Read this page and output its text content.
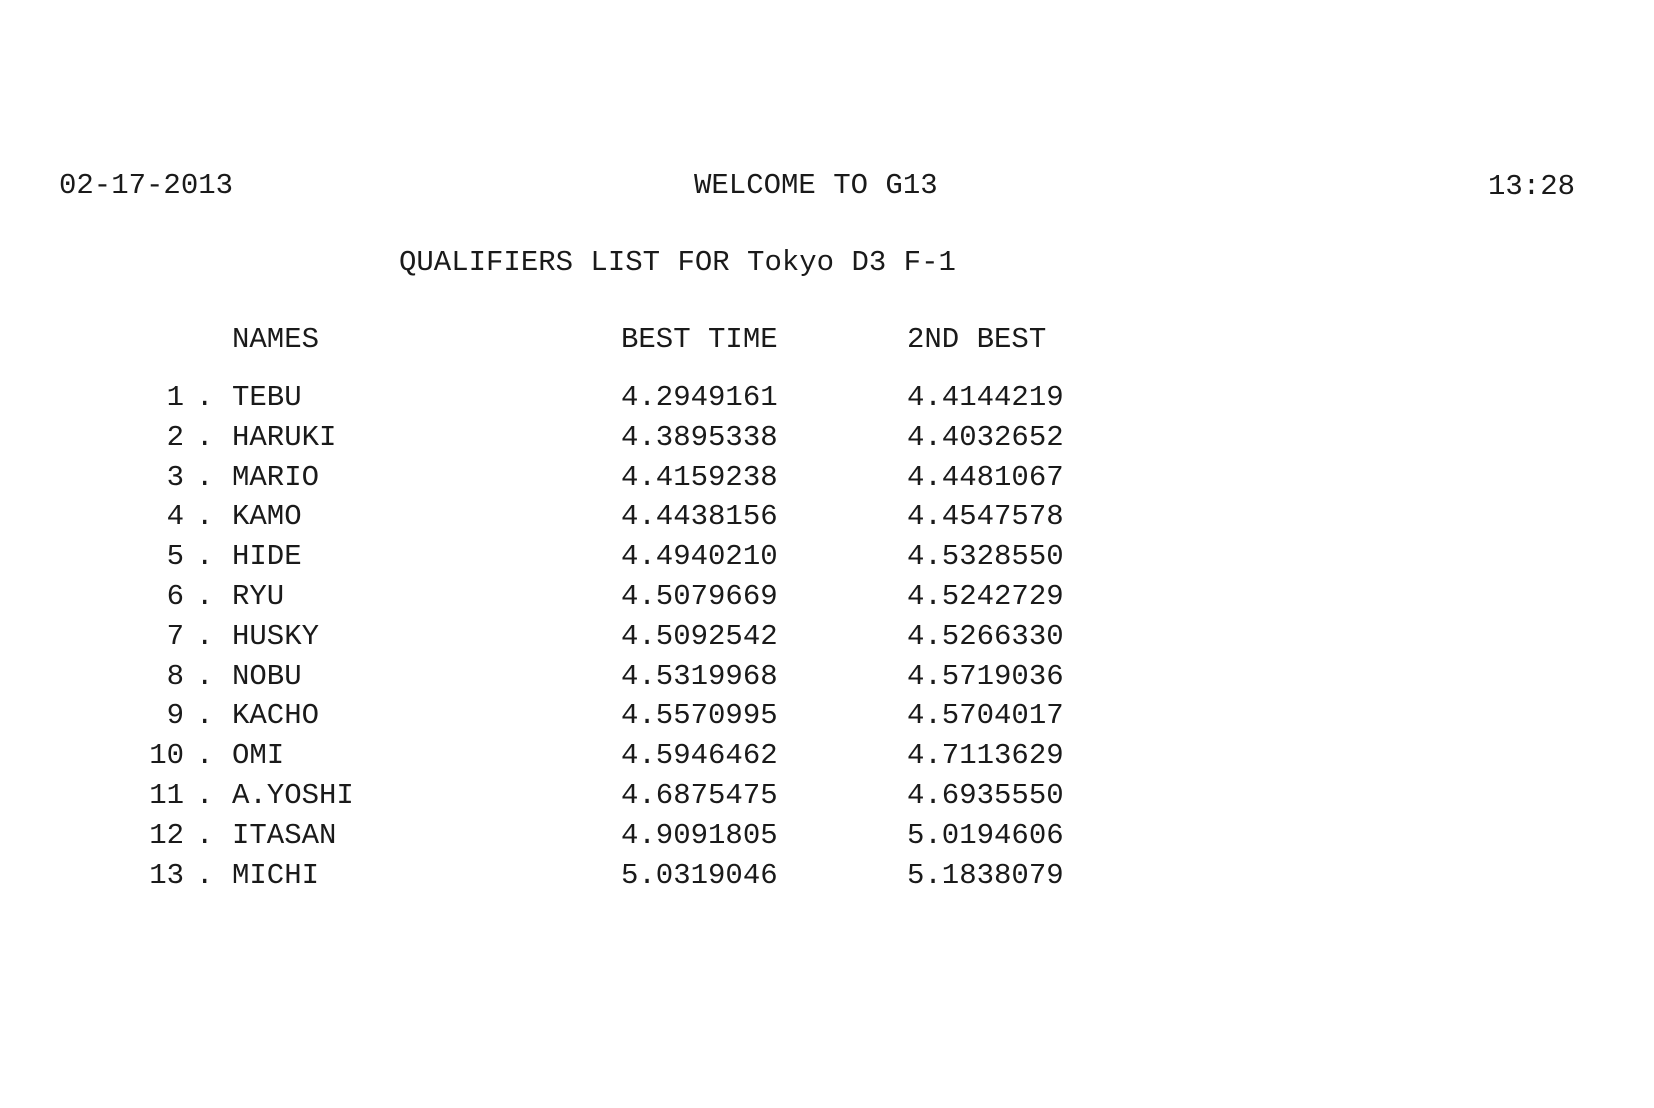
02-17-2013	WELCOME TO G13	13:28
QUALIFIERS LIST FOR Tokyo D3 F-1
NAMES	BEST TIME	2ND BEST
1 . TEBU	4.2949161	4.4144219
2 . HARUKI	4.3895338	4.4032652
3 . MARIO	4.4159238	4.4481067
4 . KAMO	4.4438156	4.4547578
5 . HIDE	4.4940210	4.5328550
6 . RYU	4.5079669	4.5242729
7 . HUSKY	4.5092542	4.5266330
8 . NOBU	4.5319968	4.5719036
9 . KACHO	4.5570995	4.5704017
10 . OMI	4.5946462	4.7113629
11 . A.YOSHI	4.6875475	4.6935550
12 . ITASAN	4.9091805	5.0194606
13 . MICHI	5.0319046	5.1838079
